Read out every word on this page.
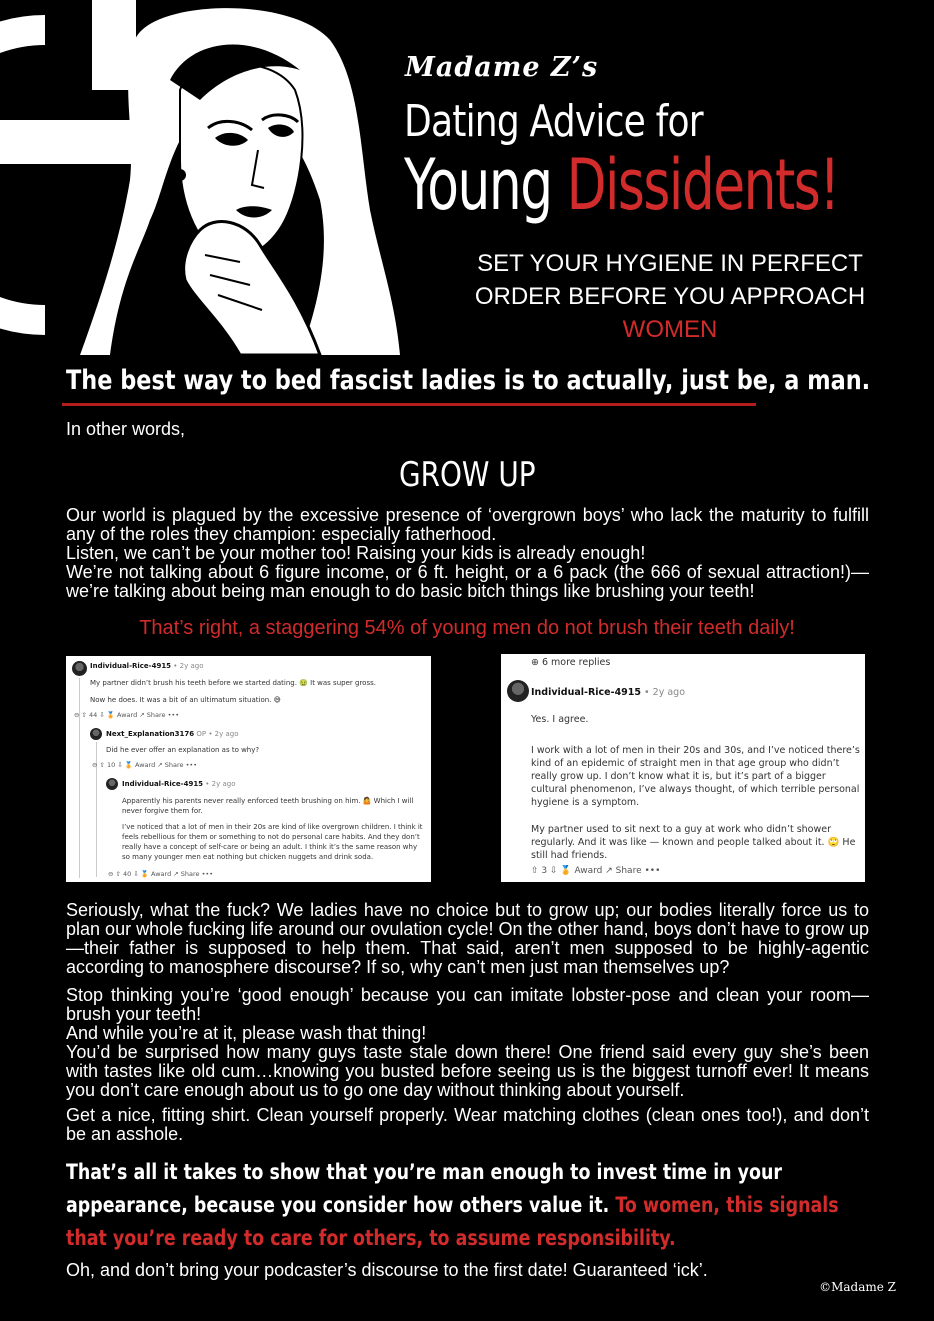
Madame Z’s
Dating Advice for
Young Dissidents!
SET YOUR HYGIENE IN PERFECT
ORDER BEFORE YOU APPROACH
WOMEN
The best way to bed fascist ladies is to actually, just be, a man.
In other words,
GROW UP
Our world is plagued by the excessive presence of ‘overgrown boys’ who lack the maturity to fulfill any of the roles they champion: especially fatherhood.
Listen, we can’t be your mother too! Raising your kids is already enough!
We’re not talking about 6 figure income, or 6 ft. height, or a 6 pack (the 666 of sexual attraction!)—we’re talking about being man enough to do basic bitch things like brushing your teeth!
That’s right, a staggering 54% of young men do not brush their teeth daily!
Individual-Rice-4915 • 2y ago
My partner didn’t brush his teeth before we started dating. 🤢 It was super gross.
Now he does. It was a bit of an ultimatum situation. 😅
⊖ ⇧ 44 ⇩ 🏅 Award ↗ Share •••
Next_Explanation3176 OP • 2y ago
Did he ever offer an explanation as to why?
⊖ ⇧ 10 ⇩ 🏅 Award ↗ Share •••
Individual-Rice-4915 • 2y ago
Apparently his parents never really enforced teeth brushing on him. 🤷 Which I will never forgive them for.
I’ve noticed that a lot of men in their 20s are kind of like overgrown children. I think it feels rebellious for them or something to not do personal care habits. And they don’t really have a concept of self-care or being an adult. I think it’s the same reason why so many younger men eat nothing but chicken nuggets and drink soda.
⊖ ⇧ 40 ⇩ 🏅 Award ↗ Share •••
⊕ 6 more replies
Individual-Rice-4915 • 2y ago
Yes. I agree.
I work with a lot of men in their 20s and 30s, and I’ve noticed there’s kind of an epidemic of straight men in that age group who didn’t really grow up. I don’t know what it is, but it’s part of a bigger cultural phenomenon, I’ve always thought, of which terrible personal hygiene is a symptom.
My partner used to sit next to a guy at work who didn’t shower regularly. And it was like — known and people talked about it. 🙄 He still had friends.
⇧ 3 ⇩ 🏅 Award ↗ Share •••
Seriously, what the fuck? We ladies have no choice but to grow up; our bodies literally force us to plan our whole fucking life around our ovulation cycle! On the other hand, boys don’t have to grow up—their father is supposed to help them. That said, aren’t men supposed to be highly-agentic according to manosphere discourse? If so, why can’t men just man themselves up?
Stop thinking you’re ‘good enough’ because you can imitate lobster-pose and clean your room—brush your teeth!
And while you’re at it, please wash that thing!
You’d be surprised how many guys taste stale down there! One friend said every guy she’s been with tastes like old cum…knowing you busted before seeing us is the biggest turnoff ever! It means you don’t care enough about us to go one day without thinking about yourself.
Get a nice, fitting shirt. Clean yourself properly. Wear matching clothes (clean ones too!), and don’t be an asshole.
That’s all it takes to show that you’re man enough to invest time in your appearance, because you consider how others value it. To women, this signals that you’re ready to care for others, to assume responsibility.
Oh, and don’t bring your podcaster’s discourse to the first date! Guaranteed ‘ick’.
©Madame Z
